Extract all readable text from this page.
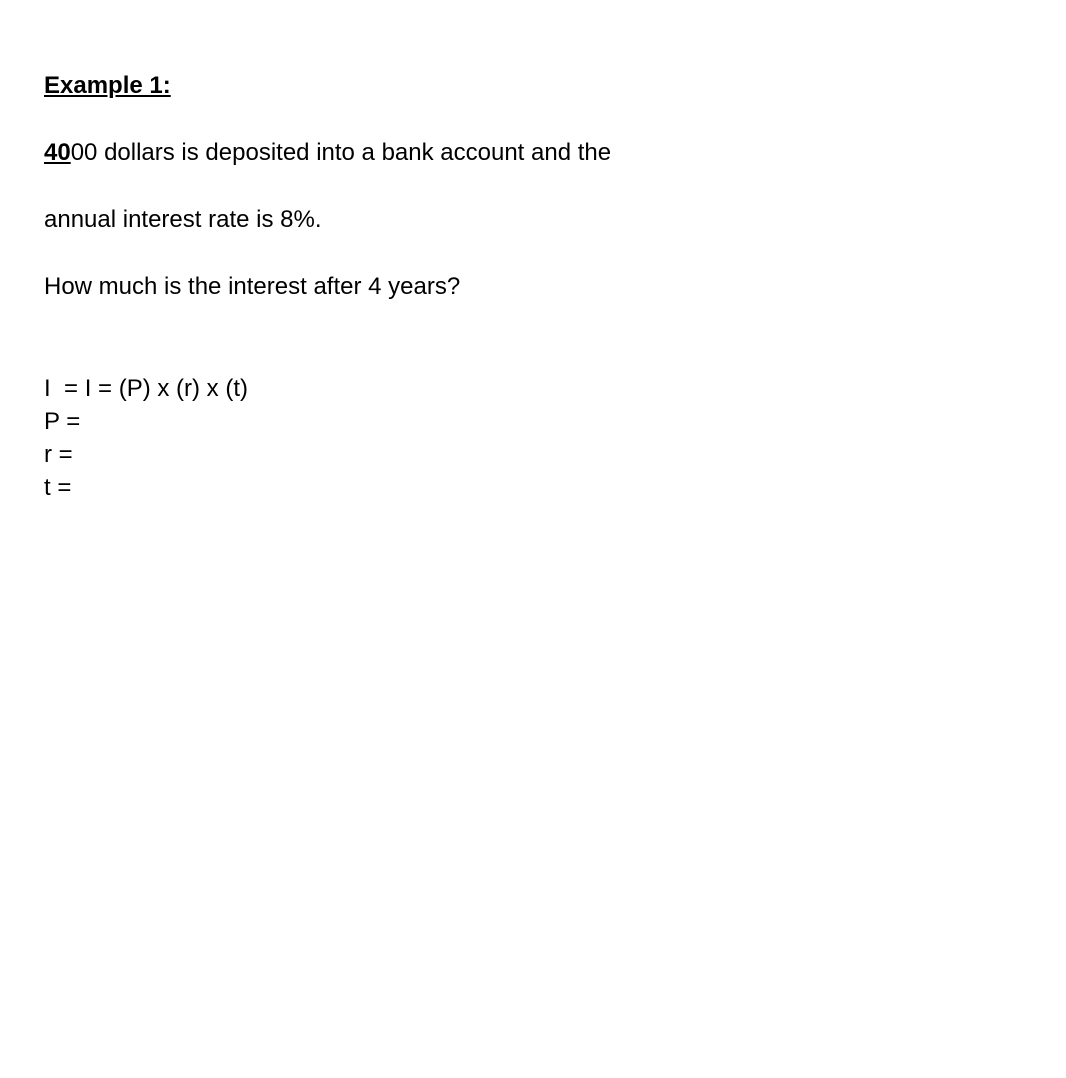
Example 1:
4000 dollars is deposited into a bank account and the
annual interest rate is 8%.
How much is the interest after 4 years?
I  = I = (P) x (r) x (t)
P =
r =
t =
